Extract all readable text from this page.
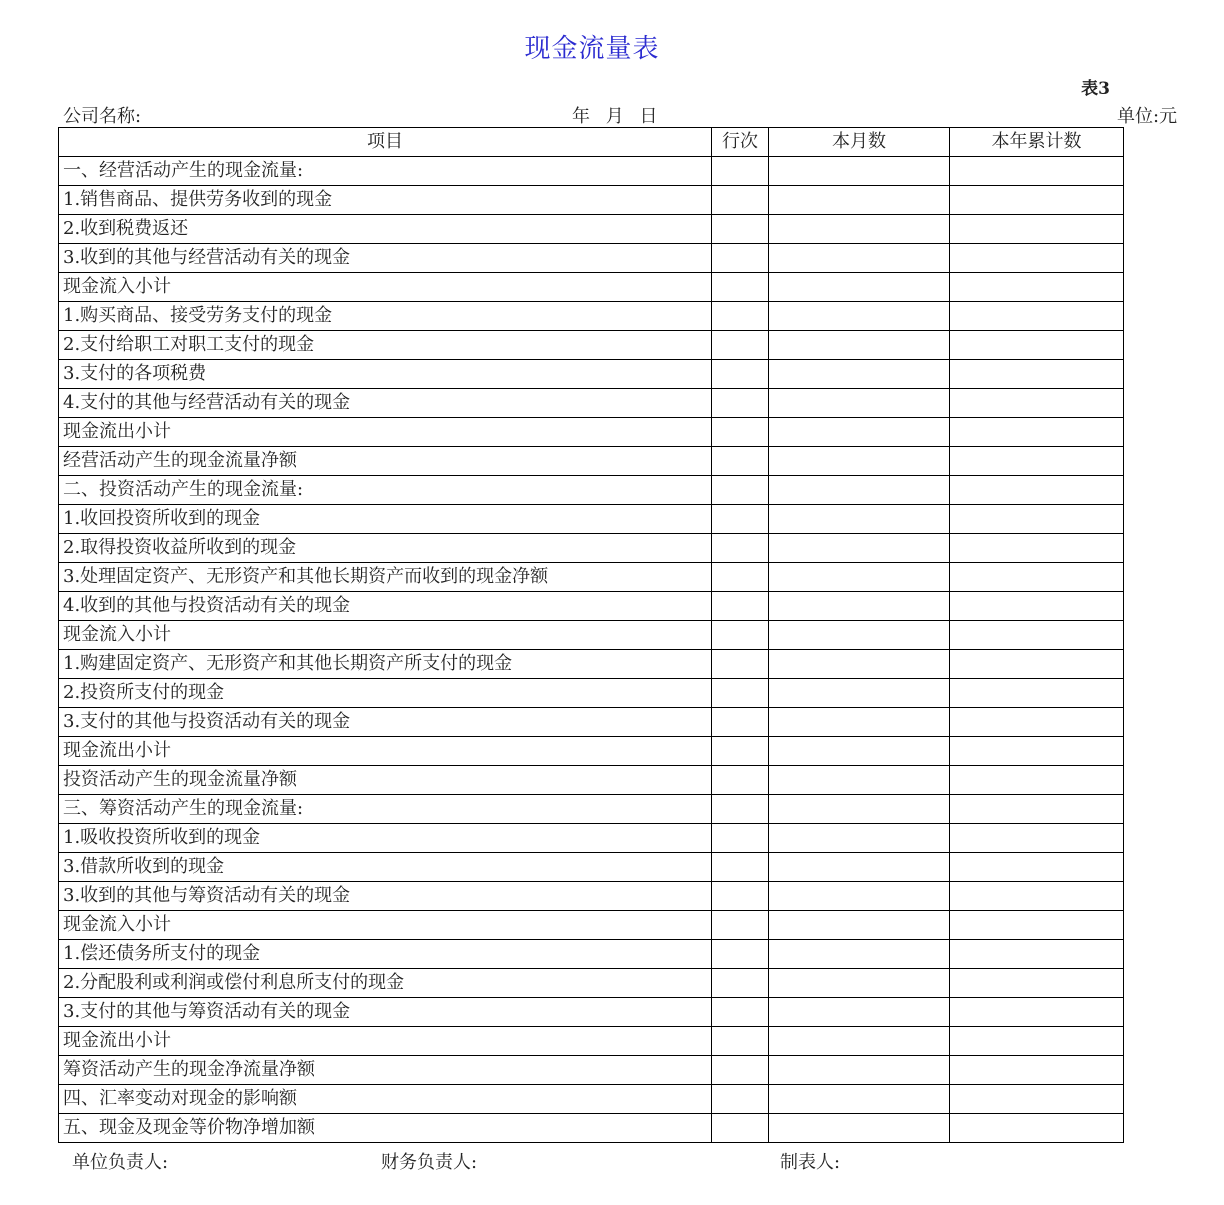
现金流量表
表3
公司名称:	年 月 日	单位:元
项目	行次	本月数	本年累计数
一、经营活动产生的现金流量:			
1.销售商品、提供劳务收到的现金			
2.收到税费返还			
3.收到的其他与经营活动有关的现金			
现金流入小计			
1.购买商品、接受劳务支付的现金			
2.支付给职工对职工支付的现金			
3.支付的各项税费			
4.支付的其他与经营活动有关的现金			
现金流出小计			
经营活动产生的现金流量净额			
二、投资活动产生的现金流量:			
1.收回投资所收到的现金			
2.取得投资收益所收到的现金			
3.处理固定资产、无形资产和其他长期资产而收到的现金净额			
4.收到的其他与投资活动有关的现金			
现金流入小计			
1.购建固定资产、无形资产和其他长期资产所支付的现金			
2.投资所支付的现金			
3.支付的其他与投资活动有关的现金			
现金流出小计			
投资活动产生的现金流量净额			
三、筹资活动产生的现金流量:			
1.吸收投资所收到的现金			
3.借款所收到的现金			
3.收到的其他与筹资活动有关的现金			
现金流入小计			
1.偿还债务所支付的现金			
2.分配股利或利润或偿付利息所支付的现金			
3.支付的其他与筹资活动有关的现金			
现金流出小计			
筹资活动产生的现金净流量净额			
四、汇率变动对现金的影响额			
五、现金及现金等价物净增加额			
单位负责人:	财务负责人:	制表人:
